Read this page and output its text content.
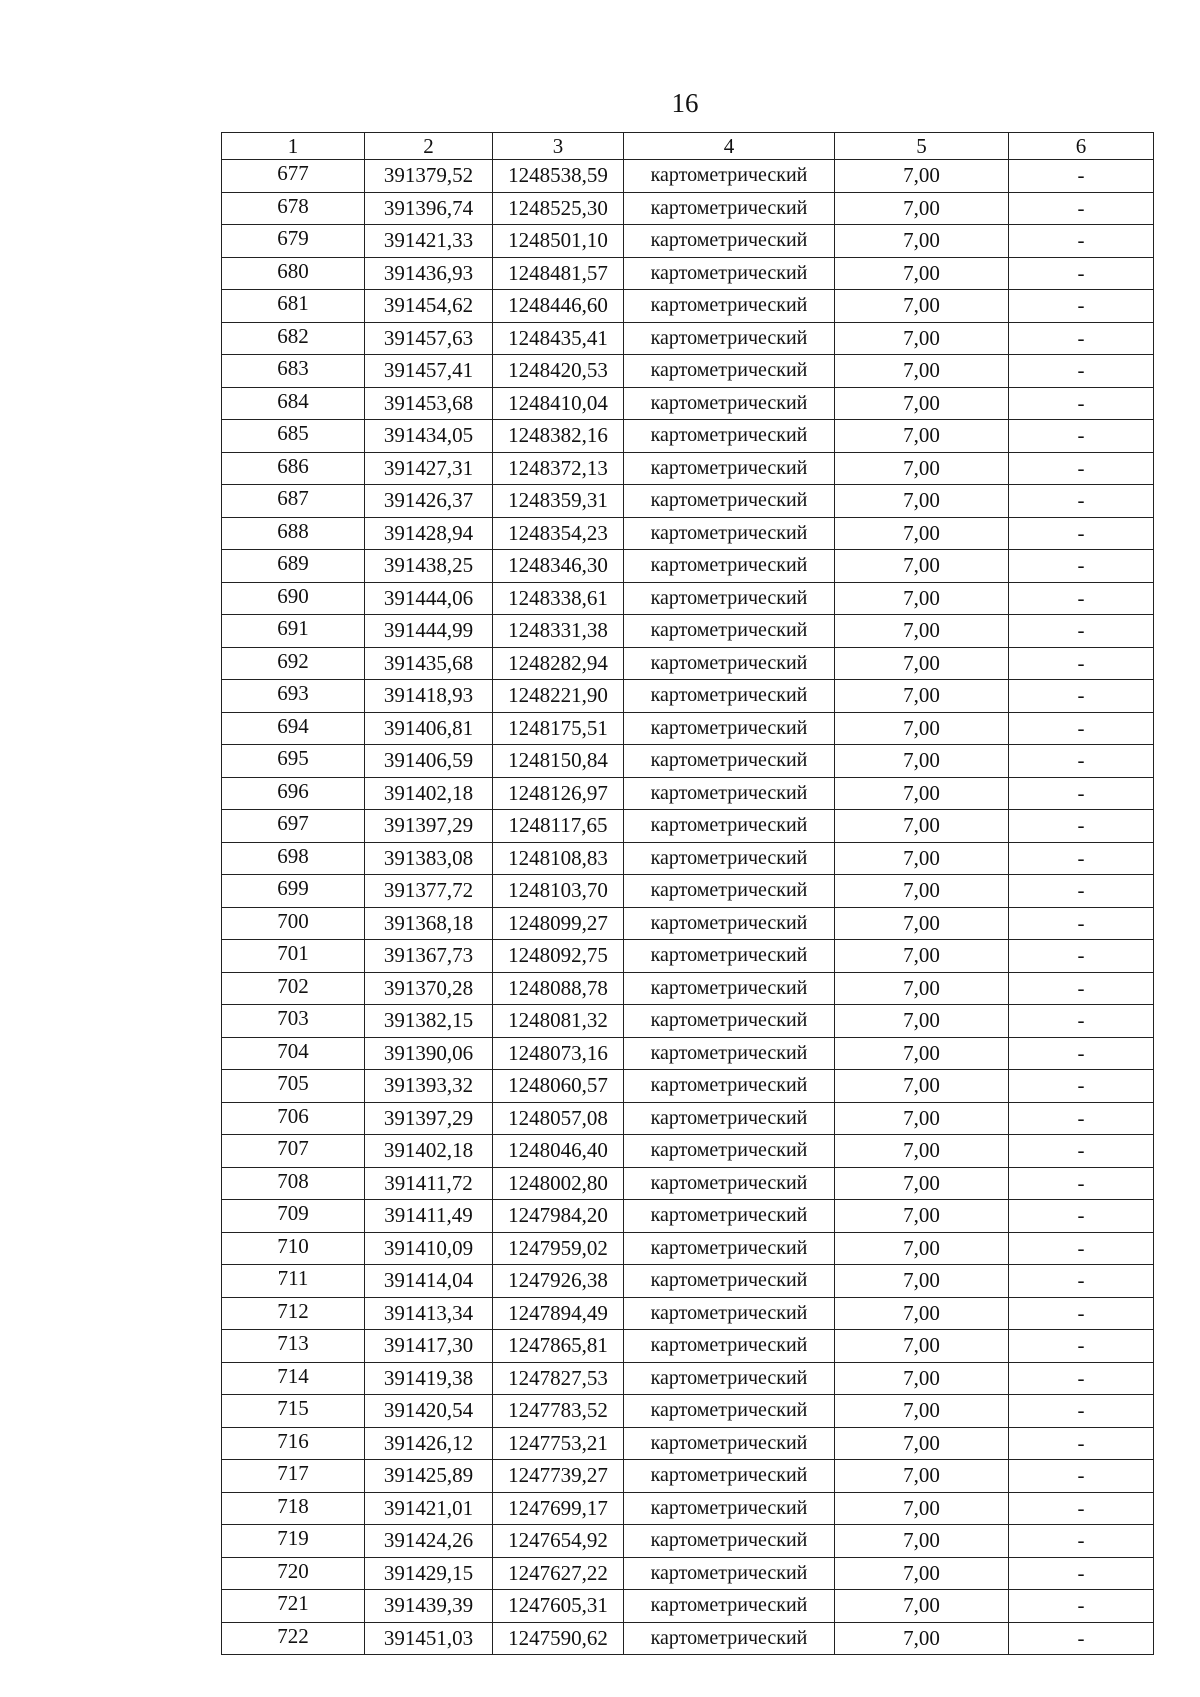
16
1	2	3	4	5	6
677	391379,52	1248538,59	картометрический	7,00	-
678	391396,74	1248525,30	картометрический	7,00	-
679	391421,33	1248501,10	картометрический	7,00	-
680	391436,93	1248481,57	картометрический	7,00	-
681	391454,62	1248446,60	картометрический	7,00	-
682	391457,63	1248435,41	картометрический	7,00	-
683	391457,41	1248420,53	картометрический	7,00	-
684	391453,68	1248410,04	картометрический	7,00	-
685	391434,05	1248382,16	картометрический	7,00	-
686	391427,31	1248372,13	картометрический	7,00	-
687	391426,37	1248359,31	картометрический	7,00	-
688	391428,94	1248354,23	картометрический	7,00	-
689	391438,25	1248346,30	картометрический	7,00	-
690	391444,06	1248338,61	картометрический	7,00	-
691	391444,99	1248331,38	картометрический	7,00	-
692	391435,68	1248282,94	картометрический	7,00	-
693	391418,93	1248221,90	картометрический	7,00	-
694	391406,81	1248175,51	картометрический	7,00	-
695	391406,59	1248150,84	картометрический	7,00	-
696	391402,18	1248126,97	картометрический	7,00	-
697	391397,29	1248117,65	картометрический	7,00	-
698	391383,08	1248108,83	картометрический	7,00	-
699	391377,72	1248103,70	картометрический	7,00	-
700	391368,18	1248099,27	картометрический	7,00	-
701	391367,73	1248092,75	картометрический	7,00	-
702	391370,28	1248088,78	картометрический	7,00	-
703	391382,15	1248081,32	картометрический	7,00	-
704	391390,06	1248073,16	картометрический	7,00	-
705	391393,32	1248060,57	картометрический	7,00	-
706	391397,29	1248057,08	картометрический	7,00	-
707	391402,18	1248046,40	картометрический	7,00	-
708	391411,72	1248002,80	картометрический	7,00	-
709	391411,49	1247984,20	картометрический	7,00	-
710	391410,09	1247959,02	картометрический	7,00	-
711	391414,04	1247926,38	картометрический	7,00	-
712	391413,34	1247894,49	картометрический	7,00	-
713	391417,30	1247865,81	картометрический	7,00	-
714	391419,38	1247827,53	картометрический	7,00	-
715	391420,54	1247783,52	картометрический	7,00	-
716	391426,12	1247753,21	картометрический	7,00	-
717	391425,89	1247739,27	картометрический	7,00	-
718	391421,01	1247699,17	картометрический	7,00	-
719	391424,26	1247654,92	картометрический	7,00	-
720	391429,15	1247627,22	картометрический	7,00	-
721	391439,39	1247605,31	картометрический	7,00	-
722	391451,03	1247590,62	картометрический	7,00	-
